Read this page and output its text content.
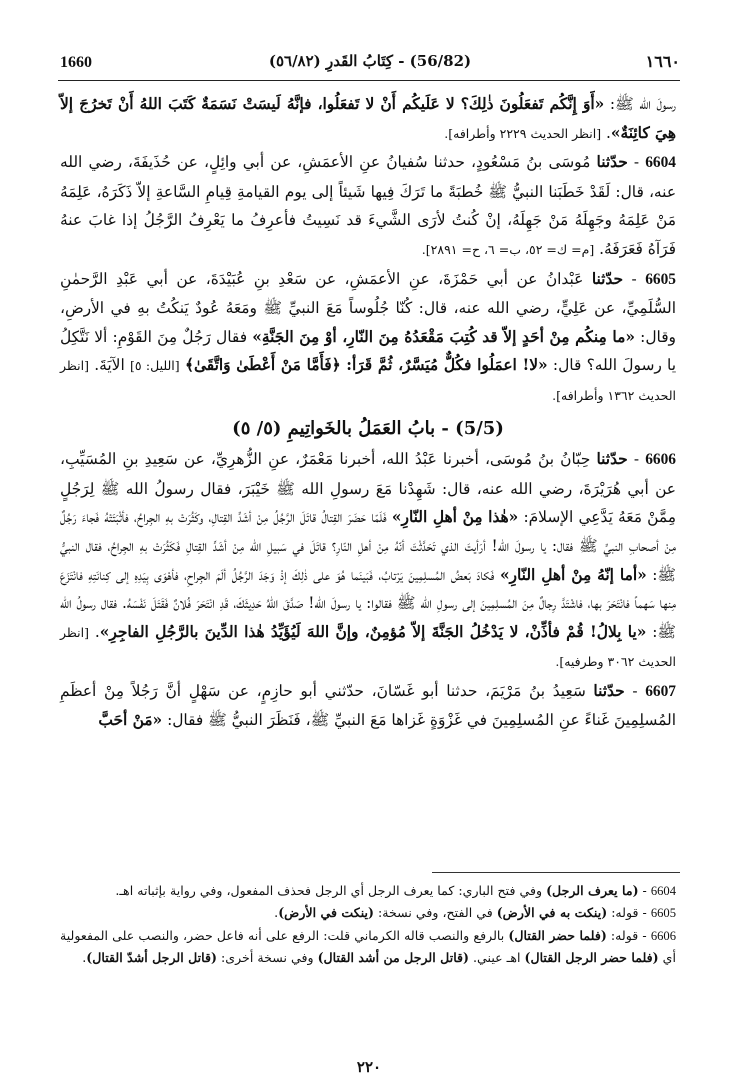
1660	(56/82) - كِتَابُ القَدرِ (٥٦/٨٢)	١٦٦٠

رسولَ الله ﷺ: «أَوَ إِنَّكُم تَفعَلُونَ ذٰلِكَ؟ لا عَلَيكُم أَنْ لا تَفعَلُوا، فإنَّهُ لَيسَتْ نَسَمَةٌ كَتَبَ اللهُ أَنْ تَخرُجَ إلاّ هِيَ كائِنَةٌ». [انظر الحديث ٢٢٢٩ وأطرافه].

6604 - حدّثنا مُوسَى بنُ مَسْعُودٍ، حدثنا سُفيانُ عنِ الأعمَشِ، عن أبي وائِلٍ، عن حُذَيفَةَ، رضي الله عنه، قال: لَقَدْ خَطَبَنا النبيُّ ﷺ خُطبَةً ما تَرَكَ فِيها شَيئاً إلى يوم القيامةِ قِيامِ السَّاعةِ إلاّ ذَكَرَهُ، عَلِمَهُ مَنْ عَلِمَهُ وجَهِلَهُ مَنْ جَهِلَهُ، إنْ كُنتُ لأرَى الشَّيءَ قد نَسِيتُ فأعرِفُ ما يَعْرِفُ الرَّجُلُ إذا غابَ عنهُ فَرَآهُ فَعَرَفَهُ. [م= ك= ٥٢، ب= ٦، ح= ٢٨٩١].

6605 - حدّثنا عَبْدانُ عن أبي حَمْزَةَ، عنِ الأعمَشِ، عن سَعْدِ بنِ عُبَيْدَةَ، عن أبي عَبْدِ الرَّحمٰنِ السُّلَمِيِّ، عن عَلِيٍّ، رضي الله عنه، قال: كُنّا جُلُوساً مَعَ النبيِّ ﷺ ومَعَهُ عُودٌ يَنكُتُ بهِ في الأرضِ، وقال: «ما مِنكُم مِنْ أحَدٍ إلاّ قد كُتِبَ مَقْعَدُهُ مِنَ النّارِ، أوْ مِنَ الجَنَّةِ» فقال رَجُلٌ مِنَ القَوْمِ: ألا نَتَّكِلُ يا رسولَ الله؟ قال: «لا! اعمَلُوا فكُلٌّ مُيَسَّرٌ، ثُمَّ قَرَأ: ﴿فَأَمَّا مَنْ أَعْطَىٰ وَاتَّقَىٰ﴾ [الليل: ٥] الآيَةَ. [انظر الحديث ١٣٦٢ وأطرافه].

(5/5) - بابُ العَمَلُ بالخَواتِيمِ (٥/ ٥)

6606 - حدّثنا حِبّانُ بنُ مُوسَى، أخبرنا عَبْدُ الله، أخبرنا مَعْمَرٌ، عنِ الزُّهرِيِّ، عن سَعِيدِ بنِ المُسَيِّبِ، عن أبي هُرَيْرَةَ، رضي الله عنه، قال: شَهِدْنا مَعَ رسولِ الله ﷺ خَيْبَرَ، فقال رسولُ الله ﷺ لِرَجُلٍ مِمَّنْ مَعَهُ يَدَّعِي الإسلامَ: «هٰذا مِنْ أهلِ النّارِ» فَلَمّا حَضَرَ القِتالُ قاتَلَ الرَّجُلُ مِنْ أشَدِّ القِتالِ، وكَثُرَتْ بهِ الجِراحُ، فأثْبَتَتْهُ فَجاءَ رَجُلٌ مِنْ أصحابِ النبيِّ ﷺ فقال: يا رسولَ الله! أرَأيتَ الذي تَحَدَّثْتَ أنّهُ مِنْ أهلِ النّارِ؟ قاتَلَ في سَبيلِ الله مِنْ أشَدِّ القِتالِ فَكَثُرَتْ بهِ الجِراحُ، فقال النبيُّ ﷺ: «أما إنّهُ مِنْ أهلِ النّارِ» فَكادَ بَعضُ المُسلِمِينَ يَرْتابُ، فَبَينَما هُوَ على ذٰلِكَ إذْ وَجَدَ الرَّجُلُ ألَمَ الجِراحِ، فأهْوَى بِيَدِهِ إلى كِنانَتِهِ فانْتَزَعَ مِنها سَهماً فانْتَحَرَ بها، فاشْتَدَّ رِجالٌ مِنَ المُسلِمِينَ إلى رسولِ الله ﷺ فقالوا: يا رسولَ الله! صَدَّقَ اللهُ حَدِيثَكَ، قَدِ انْتَحَرَ فُلانٌ فَقَتَلَ نَفْسَهُ. فقال رسولُ الله ﷺ: «يا بِلالُ! قُمْ فأذِّنْ، لا يَدْخُلُ الجَنَّةَ إلاّ مُؤمِنٌ، وإنَّ اللهَ لَيُؤَيِّدُ هٰذا الدِّينَ بالرَّجُلِ الفاجِرِ». [انظر الحديث ٣٠٦٢ وطرفيه].

6607 - حدّثنا سَعِيدُ بنُ مَرْيَمَ، حدثنا أبو غَسّانَ، حدّثني أبو حازِمٍ، عن سَهْلٍ أنَّ رَجُلاً مِنْ أعظَمِ المُسلِمِينَ غَناءً عنِ المُسلِمِينَ في غَزْوَةٍ غَزاها مَعَ النبيِّ ﷺ، فَنَظَرَ النبيُّ ﷺ فقال: «مَنْ أحَبَّ

6604 - (ما يعرف الرجل) وفي فتح الباري: كما يعرف الرجل أي الرجل فحذف المفعول، وفي رواية بإثباته اهـ.

6605 - قوله: (ينكت به في الأرض) في الفتح، وفي نسخة: (ينكت في الأرض).

6606 - قوله: (فلما حضر القتال) بالرفع والنصب قاله الكرماني قلت: الرفع على أنه فاعل حضر، والنصب على المفعولية أي (فلما حضر الرجل القتال) اهـ عيني. (قاتل الرجل من أشد القتال) وفي نسخة أخرى: (قاتل الرجل أشدّ القتال).

٢٢٠
